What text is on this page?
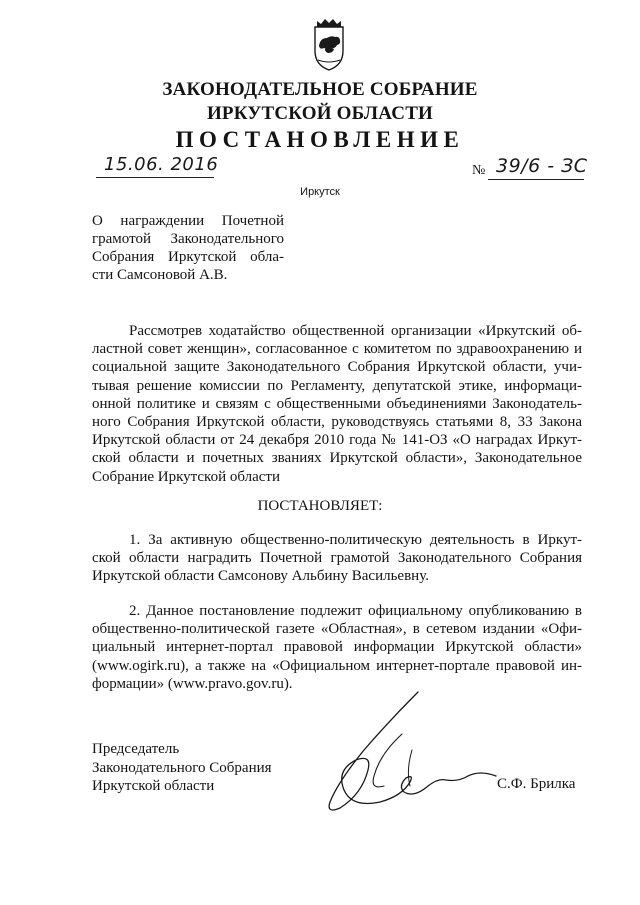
ЗАКОНОДАТЕЛЬНОЕ СОБРАНИЕ
ИРКУТСКОЙ ОБЛАСТИ
ПОСТАНОВЛЕНИЕ
15.06. 2016	№ 39/6 - ЗС
Иркутск
О награждении Почетной
грамотой Законодательного
Собрания Иркутской обла-
сти Самсоновой А.В.
Рассмотрев ходатайство общественной организации «Иркутский об-
ластной совет женщин», согласованное с комитетом по здравоохранению и
социальной защите Законодательного Собрания Иркутской области, учи-
тывая решение комиссии по Регламенту, депутатской этике, информаци-
онной политике и связям с общественными объединениями Законодатель-
ного Собрания Иркутской области, руководствуясь статьями 8, 33 Закона
Иркутской области от 24 декабря 2010 года № 141-ОЗ «О наградах Иркут-
ской области и почетных званиях Иркутской области», Законодательное
Собрание Иркутской области
ПОСТАНОВЛЯЕТ:
1. За активную общественно-политическую деятельность в Иркут-
ской области наградить Почетной грамотой Законодательного Собрания
Иркутской области Самсонову Альбину Васильевну.
2. Данное постановление подлежит официальному опубликованию в
общественно-политической газете «Областная», в сетевом издании «Офи-
циальный интернет-портал правовой информации Иркутской области»
(www.ogirk.ru), а также на «Официальном интернет-портале правовой ин-
формации» (www.pravo.gov.ru).
Председатель
Законодательного Собрания
Иркутской области	С.Ф. Брилка
